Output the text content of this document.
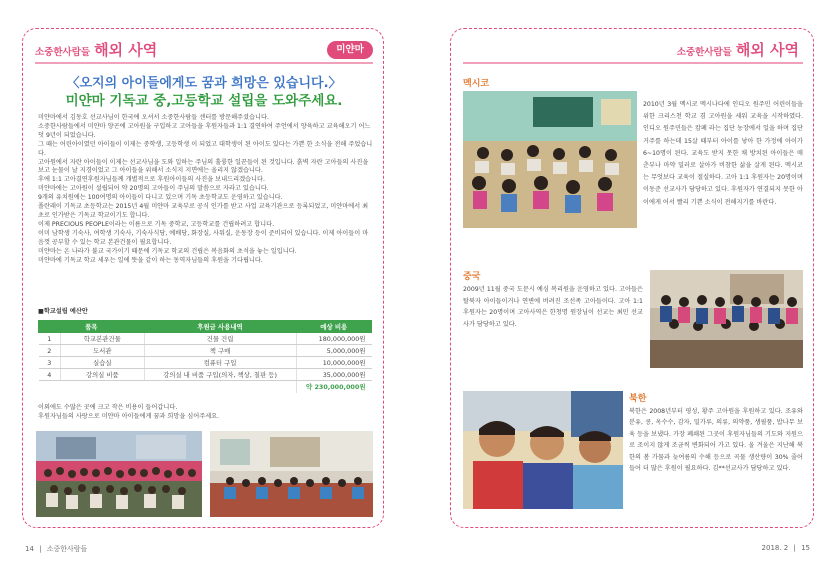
소중한사람들 해외 사역	미얀마
〈오지의 아이들에게도 꿈과 희망은 있습니다.〉
미얀마 기독교 중,고등학교 설립을 도와주세요.

미얀마에서 김동호 선교사님이 한국에 오셔서 소중한사람들 센터를 방문해주셨습니다.

소중한사람들에서 미얀마 양곤에 고아원을 구입하고 고아들을 후원자들과 1:1 결연하여 주언에서 양육하고 교육해오기 어느덧 9년이 되었습니다.

그 때는 어린아이였던 아이들이 이제는 중학생, 고등학생 이 되었고 대학생이 된 아이도 있다는 가쁜 한 소식을 전해 주었습니다.

고아원에서 자란 아이들이 이제는 선교사님을 도와 일하는 주님의 훌륭한 일꾼들이 된 것입니다. 흙벽 자란 고아들의 사진을 보고 눈물이 날 지경이었고 그 아이들을 위해서 소식지 지면에는 올리지 않겠습니다.

후에 1:1 고아결연후원자님들께 개별적으로 후원아이들의 사진을 보내드리겠습니다.

미얀마에는 고아원이 설립되어 약 20명의 고아들이 주님의 말씀으로 자라고 있습니다.

9개의 유치원에는 100여명의 아이들이 다니고 있으며 기독 초등학교도 운영하고 있습니다.

폴란래이 기독교 초등학교는 2015년 4월 미얀마 교육부로 공식 인가를 받고 사업 교육기관으로 등록되었고, 미얀마에서 최초로 인가받은 기독교 학교이기도 합니다.

이제 PRECIOUS PEOPLE이라는 이름으로 기독 중학교, 고등학교를 건립하려고 합니다.

이미 남학생 기숙사, 여학생 기숙사, 기숙사식당, 예배당, 화장실, 사워실, 운동장 등이 준비되어 있습니다. 이제 아이들이 마음껏 공부할 수 있는 학교 본관건물이 필요합니다.

미얀마는 온 나라가 불교 국가이기 때문에 기독교 학교의 건립은 복음화의 초석을 놓는 일입니다.

미얀마에 기독교 학교 세우는 일에 뜻을 같이 하는 동역자님들의 후원을 기다립니다.

■학교설립 예산안
품목		후원금 사용내역	예상 비용
1	학교본관건물	건물 건립	180,000,000원
2	도서관	책 구매	5,000,000원
3	실습실	컴퓨터 구입	10,000,000원
4	강의실 비품	강의실 내 비품 구입(의자, 책상, 칠판 등)	35,000,000원
			약 230,000,000원

이외에도 수많은 곳에 크고 작은 비용이 들어갑니다.

후원자님들의 사랑으로 미얀마 아이들에게 꿈과 희망을 심어주세요.

소중한사람들 해외 사역
멕시코
2010년 3월 멕시코 멕시나다에 인디오 원주민 어린이들을 위한 크리스천 학교 겸 고아원을 세워 교육을 시작하였다. 인디오 원주민들은 캄폐 라는 집단 농장에서 일을 하며 집단 거주를 하는데 15살 때부터 아이를 낳아 한 가정에 아이가 6~10명이 된다. 교육도 받지 못한 채 방치된 아이들은 매춘부나 마약 밀러로 살아가 비참한 삶을 살게 된다. 멕시코는 무엇보다 교육이 절실하다. 고아 1:1 후원자는 20명이며 이동준 선교사가 담당하고 있다. 후원자가 연결되지 못한 아이에게 어서 빨리 기쁜 소식이 전해지기를 바란다.
중국
2009년 11월 중국 도문시 예심 복리원을 운영하고 있다. 고아들은 탈북자 아이들이거나 연변에 버려진 조선족 고아들이다. 고아 1:1 후원자는 20명이며 고아사역은 한청명 원장님이 선교는 최민 선교사가 담당하고 있다.
북한
북한은 2008년부터 평성, 황주 고아원을 후원하고 있다. 조유와 분유, 콩, 옥수수, 감자, 밀가루, 의류, 의약품, 생필품, 밥나무 보육 등을 보냈다. 가장 폐쇄된 그곳이 후원자님들의 기도와 지원으로 조이지 않게 조금씩 변화되어 가고 있다. 올 겨울은 지난해 북한의 봄 가뭄과 늦여름의 수해 등으로 곡물 생산량이 30% 줄어들어 더 많은 후원이 필요하다. 김**선교사가 담당하고 있다.
14 | 소중한사람들	2018. 2 | 15
